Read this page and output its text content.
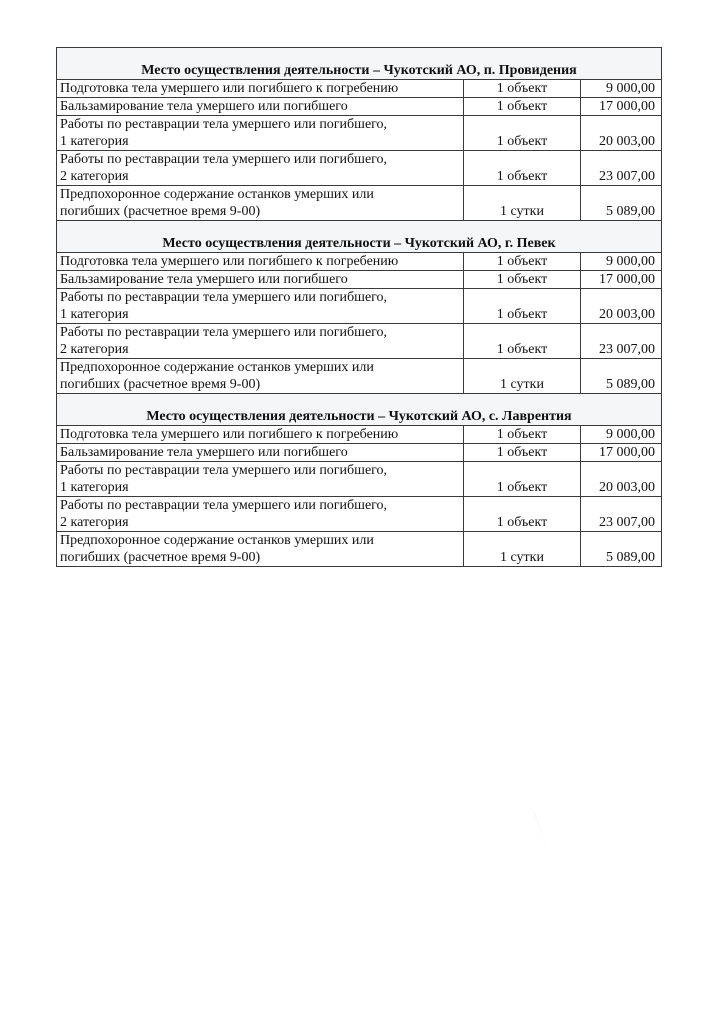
Место осуществления деятельности – Чукотский АО, п. Провидения		

Подготовка тела умершего или погибшего к погребению	1 объект	9 000,00

Бальзамирование тела умершего или погибшего	1 объект	17 000,00

Работы по реставрации тела умершего или погибшего,
1 категория	1 объект	20 003,00

Работы по реставрации тела умершего или погибшего,
2 категория	1 объект	23 007,00

Предпохоронное содержание останков умерших или
погибших (расчетное время 9-00)	1 сутки	5 089,00
Место осуществления деятельности – Чукотский АО, г. Певек		

Подготовка тела умершего или погибшего к погребению	1 объект	9 000,00

Бальзамирование тела умершего или погибшего	1 объект	17 000,00

Работы по реставрации тела умершего или погибшего,
1 категория	1 объект	20 003,00

Работы по реставрации тела умершего или погибшего,
2 категория	1 объект	23 007,00

Предпохоронное содержание останков умерших или
погибших (расчетное время 9-00)	1 сутки	5 089,00
Место осуществления деятельности – Чукотский АО, с. Лаврентия		

Подготовка тела умершего или погибшего к погребению	1 объект	9 000,00

Бальзамирование тела умершего или погибшего	1 объект	17 000,00

Работы по реставрации тела умершего или погибшего,
1 категория	1 объект	20 003,00

Работы по реставрации тела умершего или погибшего,
2 категория	1 объект	23 007,00

Предпохоронное содержание останков умерших или
погибших (расчетное время 9-00)	1 сутки	5 089,00
